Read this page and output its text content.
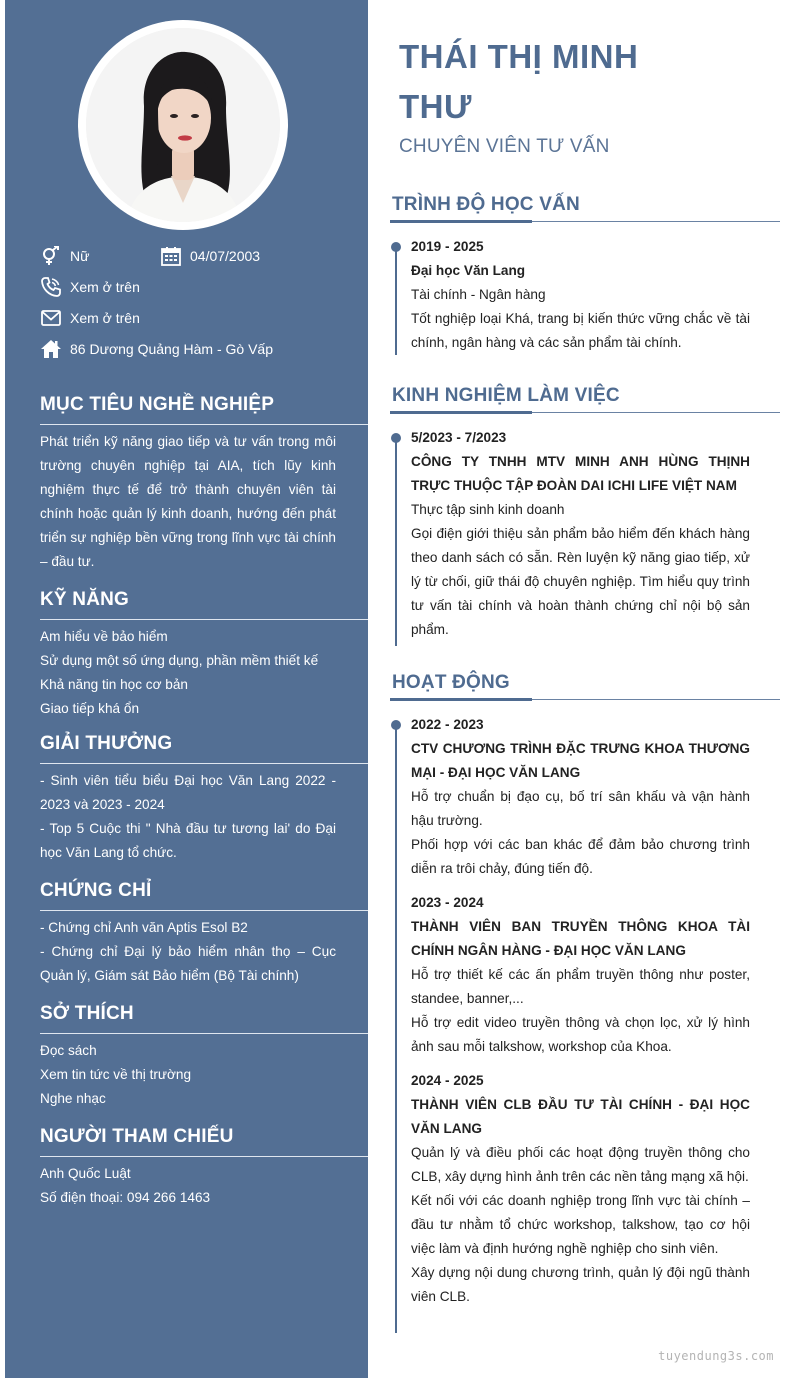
Nữ	04/07/2003
Xem ở trên
Xem ở trên
86 Dương Quảng Hàm - Gò Vấp
MỤC TIÊU NGHỀ NGHIỆP
Phát triển kỹ năng giao tiếp và tư vấn trong môi trường chuyên nghiệp tại AIA, tích lũy kinh nghiệm thực tế để trở thành chuyên viên tài chính hoặc quản lý kinh doanh, hướng đến phát triển sự nghiệp bền vững trong lĩnh vực tài chính – đầu tư.
KỸ NĂNG
Am hiểu về bảo hiểm
Sử dụng một số ứng dụng, phần mềm thiết kế
Khả năng tin học cơ bản
Giao tiếp khá ổn
GIẢI THƯỞNG
- Sinh viên tiểu biểu Đại học Văn Lang 2022 - 2023 và 2023 - 2024
- Top 5 Cuộc thi " Nhà đầu tư tương lai' do Đại học Văn Lang tổ chức.
CHỨNG CHỈ
- Chứng chỉ Anh văn Aptis Esol B2
- Chứng chỉ Đại lý bảo hiểm nhân thọ – Cục Quản lý, Giám sát Bảo hiểm (Bộ Tài chính)
SỞ THÍCH
Đọc sách
Xem tin tức về thị trường
Nghe nhạc
NGƯỜI THAM CHIẾU
Anh Quốc Luật
Số điện thoại: 094 266 1463
THÁI THỊ MINH THƯ
CHUYÊN VIÊN TƯ VẤN
TRÌNH ĐỘ HỌC VẤN
2019 - 2025
Đại học Văn Lang
Tài chính - Ngân hàng

Tốt nghiệp loại Khá, trang bị kiến thức vững chắc về tài chính, ngân hàng và các sản phẩm tài chính.

KINH NGHIỆM LÀM VIỆC
5/2023 - 7/2023
CÔNG TY TNHH MTV MINH ANH HÙNG THỊNH TRỰC THUỘC TẬP ĐOÀN DAI ICHI LIFE VIỆT NAM
Thực tập sinh kinh doanh

Gọi điện giới thiệu sản phẩm bảo hiểm đến khách hàng theo danh sách có sẵn. Rèn luyện kỹ năng giao tiếp, xử lý từ chối, giữ thái độ chuyên nghiệp. Tìm hiểu quy trình tư vấn tài chính và hoàn thành chứng chỉ nội bộ sản phẩm.

HOẠT ĐỘNG
2022 - 2023
CTV CHƯƠNG TRÌNH ĐẶC TRƯNG KHOA THƯƠNG MẠI - ĐẠI HỌC VĂN LANG

Hỗ trợ chuẩn bị đạo cụ, bố trí sân khấu và vận hành hậu trường.

Phối hợp với các ban khác để đảm bảo chương trình diễn ra trôi chảy, đúng tiến độ.

2023 - 2024
THÀNH VIÊN BAN TRUYỀN THÔNG KHOA TÀI CHÍNH NGÂN HÀNG - ĐẠI HỌC VĂN LANG

Hỗ trợ thiết kế các ấn phẩm truyền thông như poster, standee, banner,...

Hỗ trợ edit video truyền thông và chọn lọc, xử lý hình ảnh sau mỗi talkshow, workshop của Khoa.

2024 - 2025
THÀNH VIÊN CLB ĐẦU TƯ TÀI CHÍNH - ĐẠI HỌC VĂN LANG

Quản lý và điều phối các hoạt động truyền thông cho CLB, xây dựng hình ảnh trên các nền tảng mạng xã hội.

Kết nối với các doanh nghiệp trong lĩnh vực tài chính – đầu tư nhằm tổ chức workshop, talkshow, tạo cơ hội việc làm và định hướng nghề nghiệp cho sinh viên.

Xây dựng nội dung chương trình, quản lý đội ngũ thành viên CLB.

tuyendung3s.com
